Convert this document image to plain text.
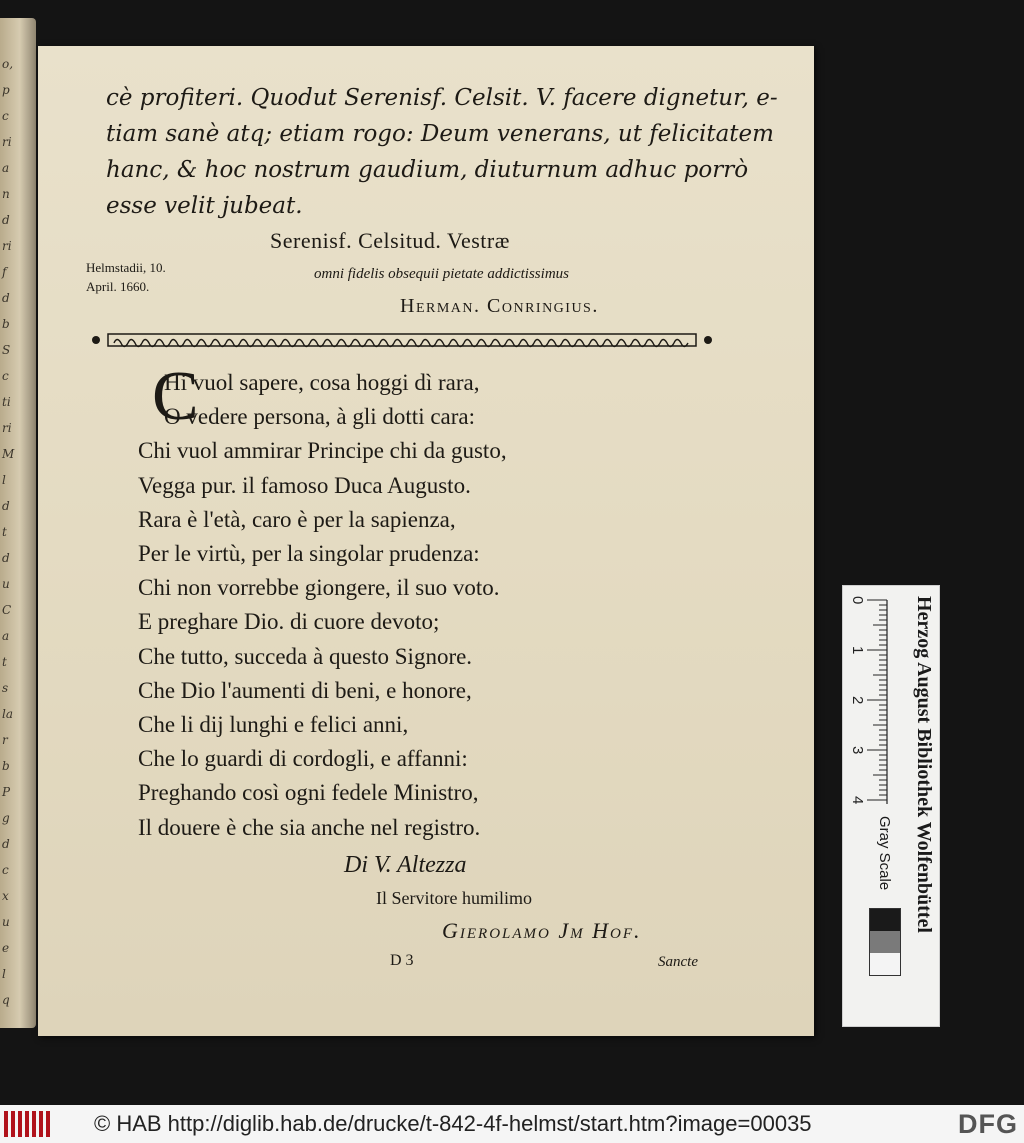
o,
p
c
ri
a
n
d
ri
f
d
b
S
c
ti
ri
M
l
d
t
d
u
C
a
t
s
la
r
b
P
g
d
c
x
u
e
l
q
cè profiteri. Quodut Serenisf. Celsit. V. facere dignetur, e-
tiam sanè atq; etiam rogo: Deum venerans, ut felicitatem
hanc, & hoc nostrum gaudium, diuturnum adhuc porrò
esse velit jubeat.
Serenisf. Celsitud. Vestræ
Helmstadii, 10.
April. 1660.
omni fidelis obsequii pietate addictissimus
Herman. Conringius.
C
Hi vuol sapere, cosa hoggi dì rara,
O vedere persona, à gli dotti cara:
Chi vuol ammirar Principe chi da gusto,
Vegga pur. il famoso Duca Augusto.
Rara è l'età, caro è per la sapienza,
Per le virtù, per la singolar prudenza:
Chi non vorrebbe giongere, il suo voto.
E preghare Dio. di cuore devoto;
Che tutto, succeda à questo Signore.
Che Dio l'aumenti di beni, e honore,
Che li dij lunghi e felici anni,
Che lo guardi di cordogli, e affanni:
Preghando così ogni fedele Ministro,
Il douere è che sia anche nel registro.
Di V. Altezza
Il Servitore humilimo
Gierolamo Jm Hof.
D 3	Sancte
0
1
2
3
4
Gray Scale Herzog August Bibliothek Wolfenbüttel
© HAB http://diglib.hab.de/drucke/t-842-4f-helmst/start.htm?image=00035	DFG
